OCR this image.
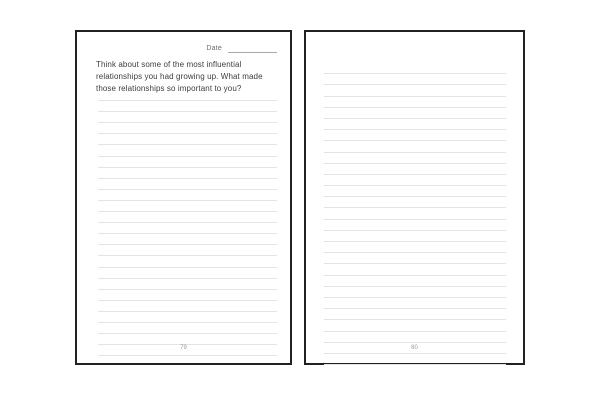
Date
Think about some of the most influential relationships you had growing up. What made those relationships so important to you?
79	80
